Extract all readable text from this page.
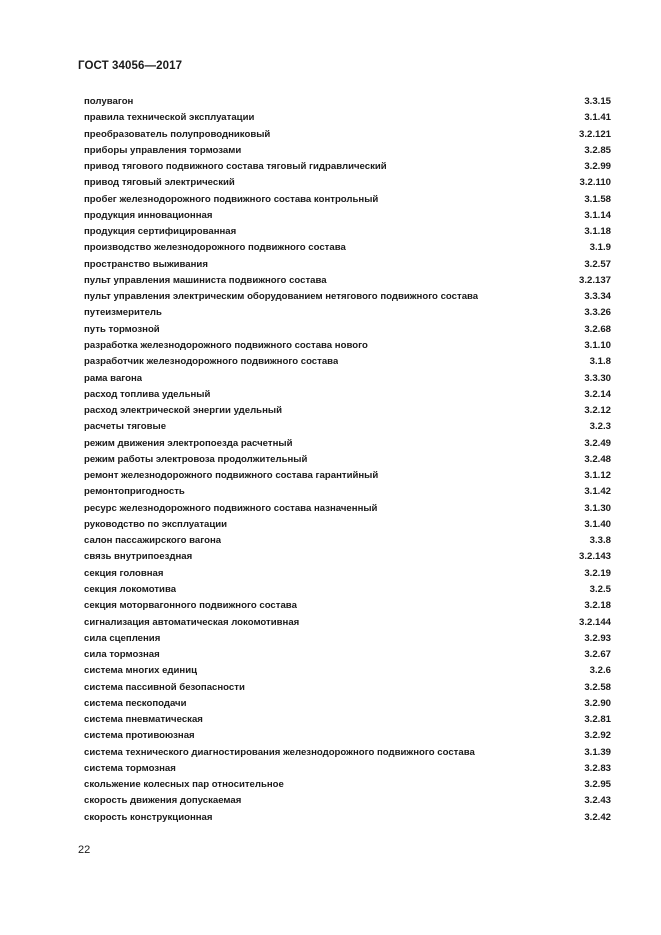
ГОСТ 34056—2017
полувагон	3.3.15
правила технической эксплуатации	3.1.41
преобразователь полупроводниковый	3.2.121
приборы управления тормозами	3.2.85
привод тягового подвижного состава тяговый гидравлический	3.2.99
привод тяговый электрический	3.2.110
пробег железнодорожного подвижного состава контрольный	3.1.58
продукция инновационная	3.1.14
продукция сертифицированная	3.1.18
производство железнодорожного подвижного состава	3.1.9
пространство выживания	3.2.57
пульт управления машиниста подвижного состава	3.2.137
пульт управления электрическим оборудованием нетягового подвижного состава	3.3.34
путеизмеритель	3.3.26
путь тормозной	3.2.68
разработка железнодорожного подвижного состава нового	3.1.10
разработчик железнодорожного подвижного состава	3.1.8
рама вагона	3.3.30
расход топлива удельный	3.2.14
расход электрической энергии удельный	3.2.12
расчеты тяговые	3.2.3
режим движения электропоезда расчетный	3.2.49
режим работы электровоза продолжительный	3.2.48
ремонт железнодорожного подвижного состава гарантийный	3.1.12
ремонтопригодность	3.1.42
ресурс железнодорожного подвижного состава назначенный	3.1.30
руководство по эксплуатации	3.1.40
салон пассажирского вагона	3.3.8
связь внутрипоездная	3.2.143
секция головная	3.2.19
секция локомотива	3.2.5
секция моторвагонного подвижного состава	3.2.18
сигнализация автоматическая локомотивная	3.2.144
сила сцепления	3.2.93
сила тормозная	3.2.67
система многих единиц	3.2.6
система пассивной безопасности	3.2.58
система пескоподачи	3.2.90
система пневматическая	3.2.81
система противоюзная	3.2.92
система технического диагностирования железнодорожного подвижного состава	3.1.39
система тормозная	3.2.83
скольжение колесных пар относительное	3.2.95
скорость движения допускаемая	3.2.43
скорость конструкционная	3.2.42
22
